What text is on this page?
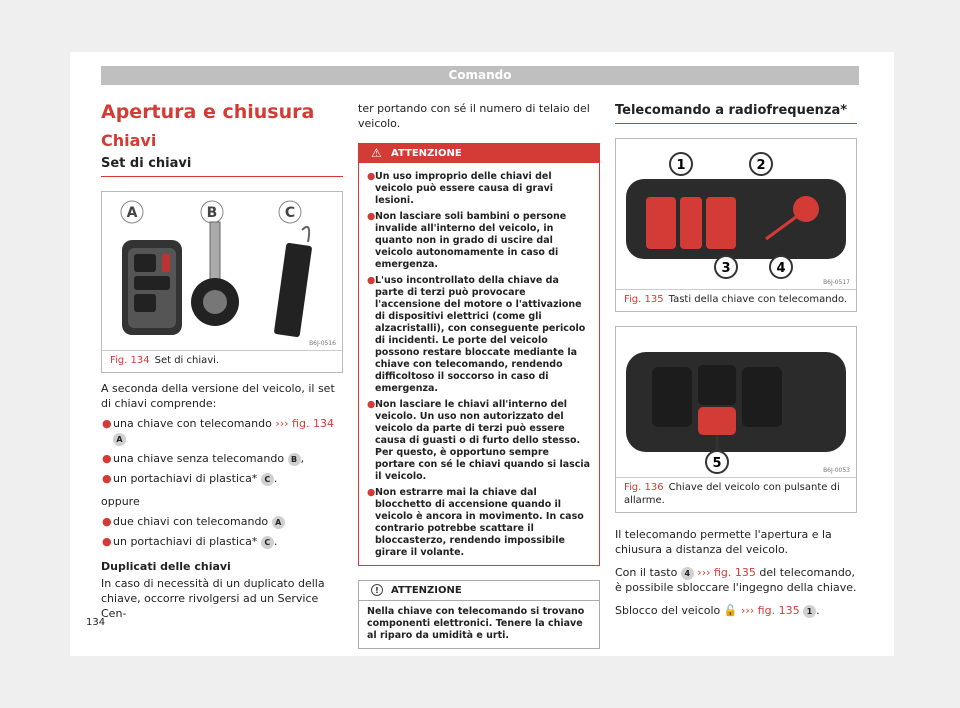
Comando
Apertura e chiusura
Chiavi
Set di chiavi
A	B	C
B6J-0516
Fig. 134 Set di chiavi.

A seconda della versione del veicolo, il set di chiavi comprende:

● una chiave con telecomando ››› fig. 134 A
● una chiave senza telecomando B ,
● un portachiavi di plastica* C .

oppure

● due chiavi con telecomando A
● un portachiavi di plastica* C .

Duplicati delle chiavi

In caso di necessità di un duplicato della chiave, occorre rivolgersi ad un Service Cen-

ter portando con sé il numero di telaio del veicolo.

⚠ ATTENZIONE
● Un uso improprio delle chiavi del veicolo può essere causa di gravi lesioni.
● Non lasciare soli bambini o persone invalide all'interno del veicolo, in quanto non in grado di uscire dal veicolo autonomamente in caso di emergenza.
● L'uso incontrollato della chiave da parte di terzi può provocare l'accensione del motore o l'attivazione di dispositivi elettrici (come gli alzacristalli), con conseguente pericolo di incidenti. Le porte del veicolo possono restare bloccate mediante la chiave con telecomando, rendendo difficoltoso il soccorso in caso di emergenza.
● Non lasciare le chiavi all'interno del veicolo. Un uso non autorizzato del veicolo da parte di terzi può essere causa di guasti o di furto dello stesso. Per questo, è opportuno sempre portare con sé le chiavi quando si lascia il veicolo.
● Non estrarre mai la chiave dal blocchetto di accensione quando il veicolo è ancora in movimento. In caso contrario potrebbe scattare il bloccasterzo, rendendo impossibile girare il volante.
!	ATTENZIONE
Nella chiave con telecomando si trovano componenti elettronici. Tenere la chiave al riparo da umidità e urti.
Telecomando a radiofrequenza*
1	2
3	4
B6J-0517
Fig. 135 Tasti della chiave con telecomando.
5	B6J-0053
Fig. 136 Chiave del veicolo con pulsante di allarme.

Il telecomando permette l'apertura e la chiusura a distanza del veicolo.

Con il tasto 4 ››› fig. 135 del telecomando, è possibile sbloccare l'ingegno della chiave.

Sblocco del veicolo 🔓 ››› fig. 135 1 .

134
